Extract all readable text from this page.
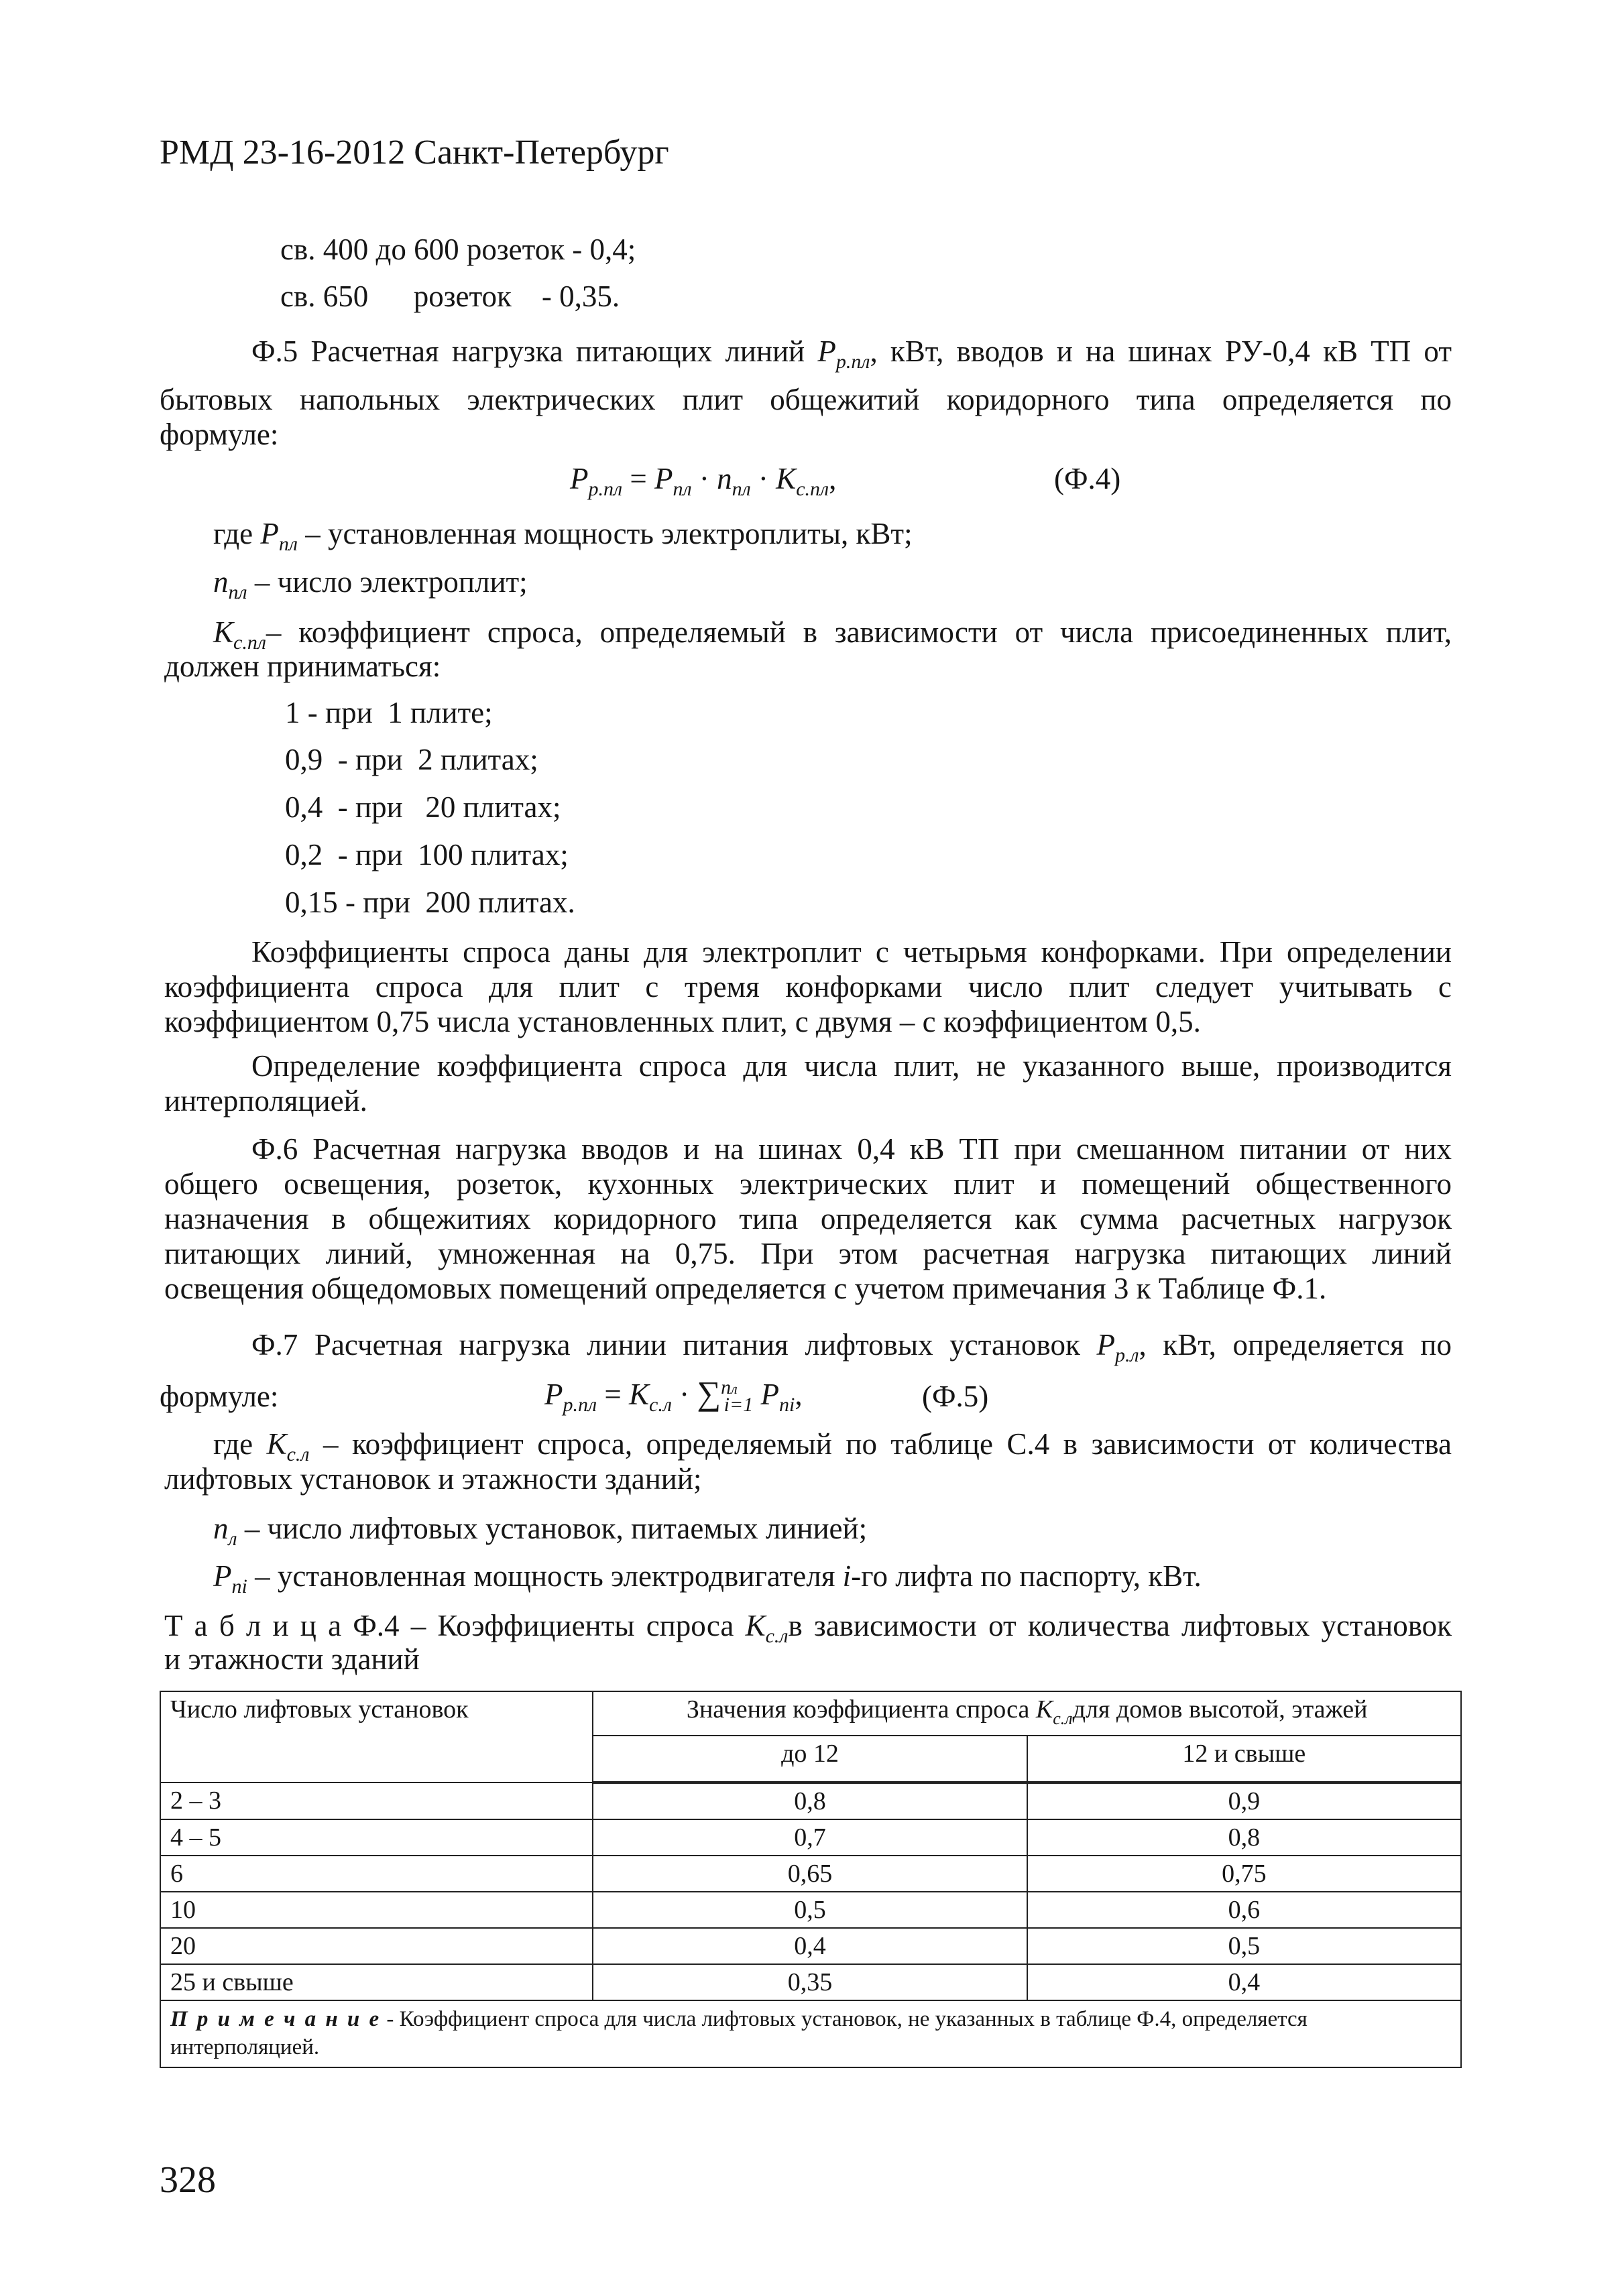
РМД 23-16-2012 Санкт-Петербург
св. 400 до 600 розеток - 0,4;
св. 650      розеток    - 0,35.
Ф.5 Расчетная нагрузка питающих линий $P_{р.пл}$, кВт, вводов и на шинах РУ-0,4 кВ ТП от
бытовых напольных электрических плит общежитий коридорного типа определяется по
формуле:
$P_{р.пл} = P_{пл} \cdot n_{пл} \cdot K_{с.пл}$,	(Ф.4)
где $P_{пл}$ – установленная мощность электроплиты, кВт;
$n_{пл}$ – число электроплит;
$K_{с.пл}-$ коэффициент спроса, определяемый в зависимости от числа присоединенных плит,
должен приниматься:
1 - при  1 плите;
0,9  - при  2 плитах;
0,4  - при   20 плитах;
0,2  - при  100 плитах;
0,15 - при  200 плитах.
Коэффициенты спроса даны для электроплит с четырьмя конфорками. При определении
коэффициента спроса для плит с тремя конфорками число плит следует учитывать с
коэффициентом 0,75 числа установленных плит, с двумя – с коэффициентом 0,5.
Определение коэффициента спроса для числа плит, не указанного выше, производится
интерполяцией.
Ф.6 Расчетная нагрузка вводов и на шинах 0,4 кВ ТП при смешанном питании от них
общего освещения, розеток, кухонных электрических плит и помещений общественного
назначения в общежитиях коридорного типа определяется как сумма расчетных нагрузок
питающих линий, умноженная на 0,75. При этом расчетная нагрузка питающих линий
освещения общедомовых помещений определяется с учетом примечания 3 к Таблице Ф.1.
Ф.7 Расчетная нагрузка линии питания лифтовых установок $P_{р.л}$, кВт, определяется по
формуле:	$P_{р.пл} = K_{с.л} \cdot \sum^{nл}_{i=1}$ $P_{ni}$,	(Ф.5)
где $K_{с.л}$ – коэффициент спроса, определяемый по таблице С.4 в зависимости от количества
лифтовых установок и этажности зданий;
$n_л$ – число лифтовых установок, питаемых линией;
$P_{ni}$ – установленная мощность электродвигателя i-го лифта по паспорту, кВт.
Т а б л и ц а Ф.4 – Коэффициенты спроса $K_{с.л}в$ зависимости от количества лифтовых установок
и этажности зданий
Число лифтовых установок	Значения коэффициента спроса $K_{с.л}для$ домов высотой, этажей	
	до 12	12 и свыше
2 – 3	0,8	0,9
4 – 5	0,7	0,8
6	0,65	0,75
10	0,5	0,6
20	0,4	0,5
25 и свыше	0,35	0,4
П р и м е ч а н и е - Коэффициент спроса для числа лифтовых установок, не указанных в таблице Ф.4, определяется интерполяцией.		
328
